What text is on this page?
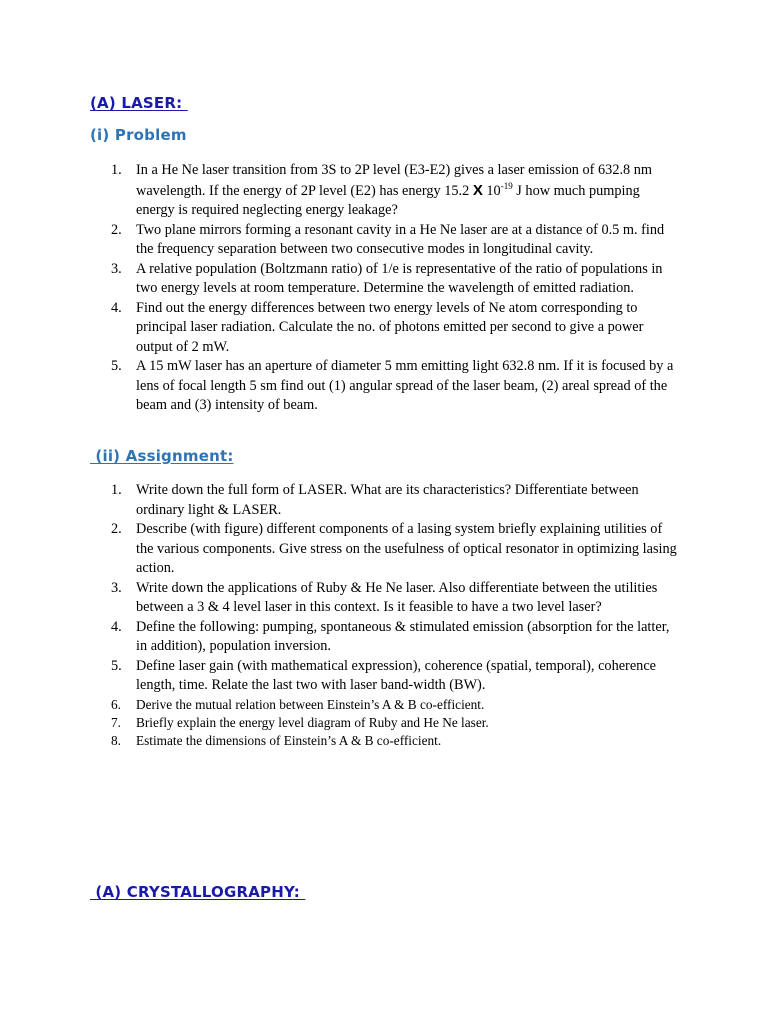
(A) LASER:
(i) Problem
1. In a He Ne laser transition from 3S to 2P level (E3-E2) gives a laser emission of 632.8 nm wavelength. If the energy of 2P level (E2) has energy 15.2 X $10^{-19}$ J how much pumping energy is required neglecting energy leakage?
2. Two plane mirrors forming a resonant cavity in a He Ne laser are at a distance of 0.5 m. find the frequency separation between two consecutive modes in longitudinal cavity.
3. A relative population (Boltzmann ratio) of 1/e is representative of the ratio of populations in two energy levels at room temperature. Determine the wavelength of emitted radiation.
4. Find out the energy differences between two energy levels of Ne atom corresponding to principal laser radiation. Calculate the no. of photons emitted per second to give a power output of 2 mW.
5. A 15 mW laser has an aperture of diameter 5 mm emitting light 632.8 nm. If it is focused by a lens of focal length 5 sm find out (1) angular spread of the laser beam, (2) areal spread of the beam and (3) intensity of beam.
(ii) Assignment:
1. Write down the full form of LASER. What are its characteristics? Differentiate between ordinary light & LASER.
2. Describe (with figure) different components of a lasing system briefly explaining utilities of the various components. Give stress on the usefulness of optical resonator in optimizing lasing action.
3. Write down the applications of Ruby & He Ne laser. Also differentiate between the utilities between a 3 & 4 level laser in this context. Is it feasible to have a two level laser?
4. Define the following: pumping, spontaneous & stimulated emission (absorption for the latter, in addition), population inversion.
5. Define laser gain (with mathematical expression), coherence (spatial, temporal), coherence length, time. Relate the last two with laser band-width (BW).
6. Derive the mutual relation between Einstein’s A & B co-efficient.
7. Briefly explain the energy level diagram of Ruby and He Ne laser.
8. Estimate the dimensions of Einstein’s A & B co-efficient.
(A) CRYSTALLOGRAPHY:
